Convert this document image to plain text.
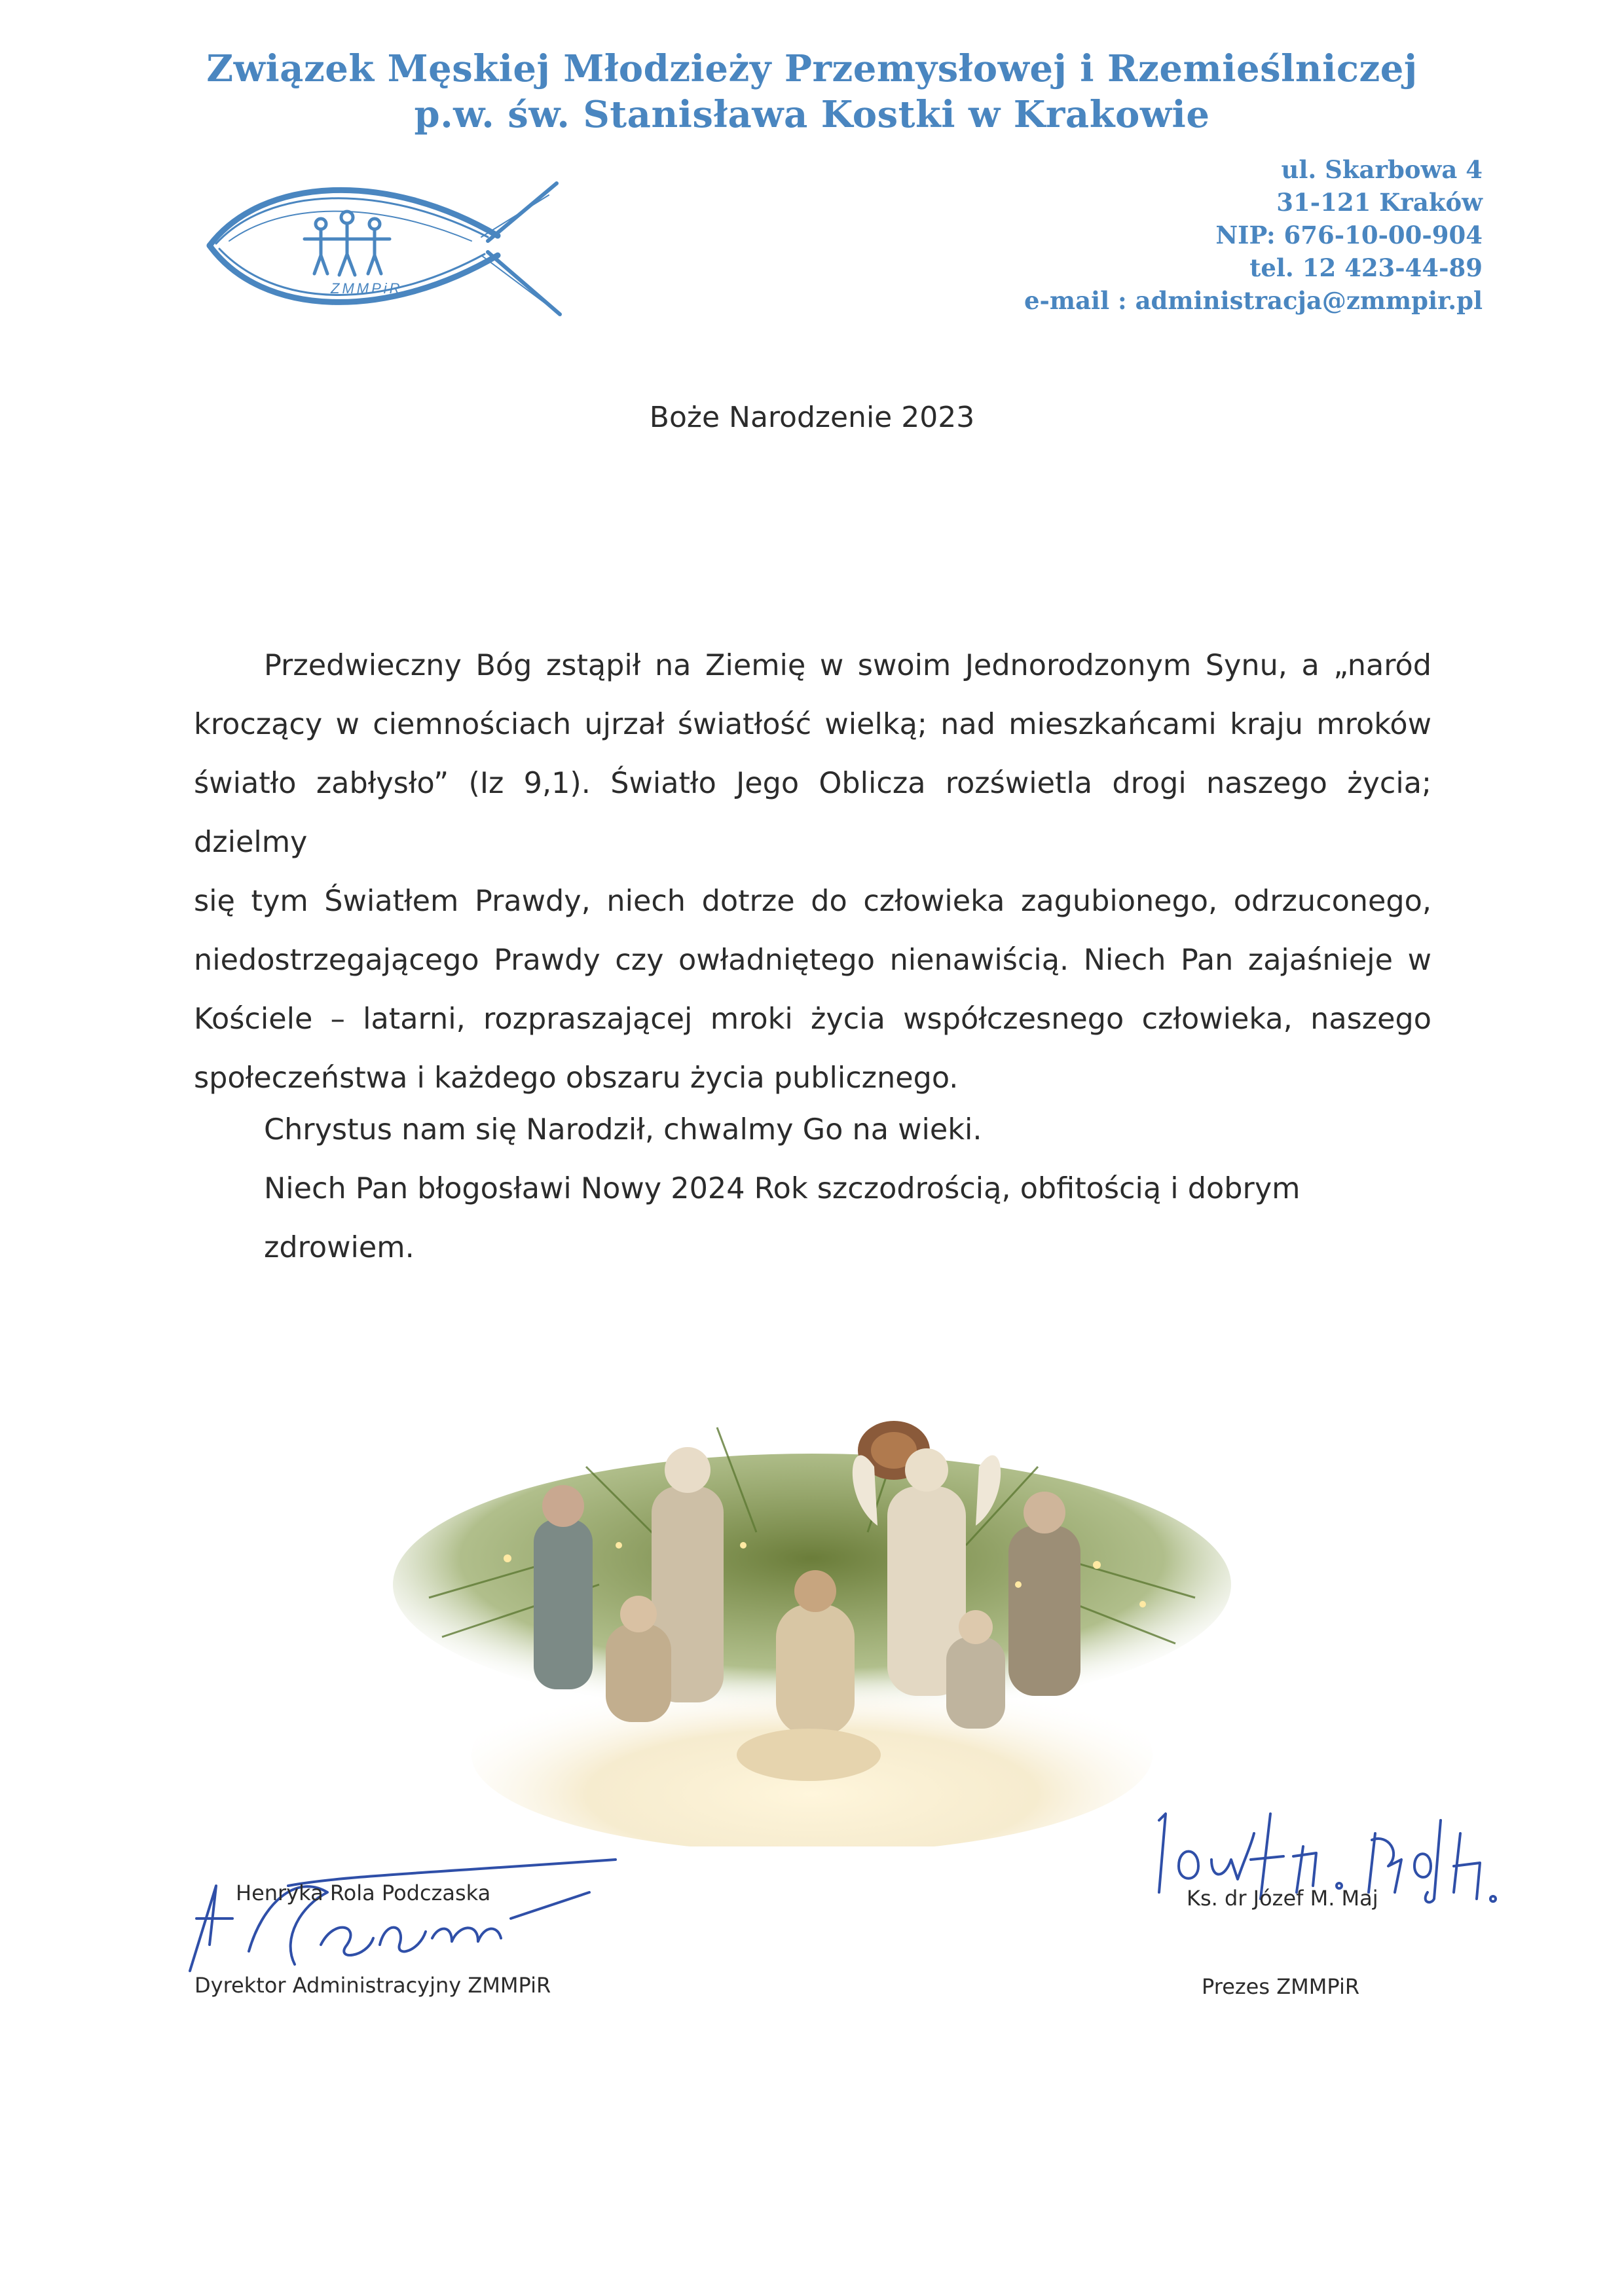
Związek Męskiej Młodzieży Przemysłowej i Rzemieślniczej
p.w. św. Stanisława Kostki w Krakowie
ZMMPiR
ul. Skarbowa 4
31-121 Kraków
NIP: 676-10-00-904
tel. 12 423-44-89
e-mail : administracja@zmmpir.pl
Boże Narodzenie 2023
Przedwieczny Bóg zstąpił na Ziemię w swoim Jednorodzonym Synu, a „naród
kroczący w ciemnościach ujrzał światłość wielką; nad mieszkańcami kraju mroków
światło zabłysło” (Iz 9,1). Światło Jego Oblicza rozświetla drogi naszego życia; dzielmy
się tym Światłem Prawdy, niech dotrze do człowieka zagubionego, odrzuconego,
niedostrzegającego Prawdy czy owładniętego nienawiścią. Niech Pan zajaśnieje w
Kościele – latarni, rozpraszającej mroki życia współczesnego człowieka, naszego
społeczeństwa i każdego obszaru życia publicznego.
Chrystus nam się Narodził, chwalmy Go na wieki.
Niech Pan błogosławi Nowy 2024 Rok szczodrością, obfitością i dobrym
zdrowiem.
Henryka Rola Podczaska
Dyrektor Administracyjny ZMMPiR
Ks. dr Józef M. Maj
Prezes ZMMPiR
